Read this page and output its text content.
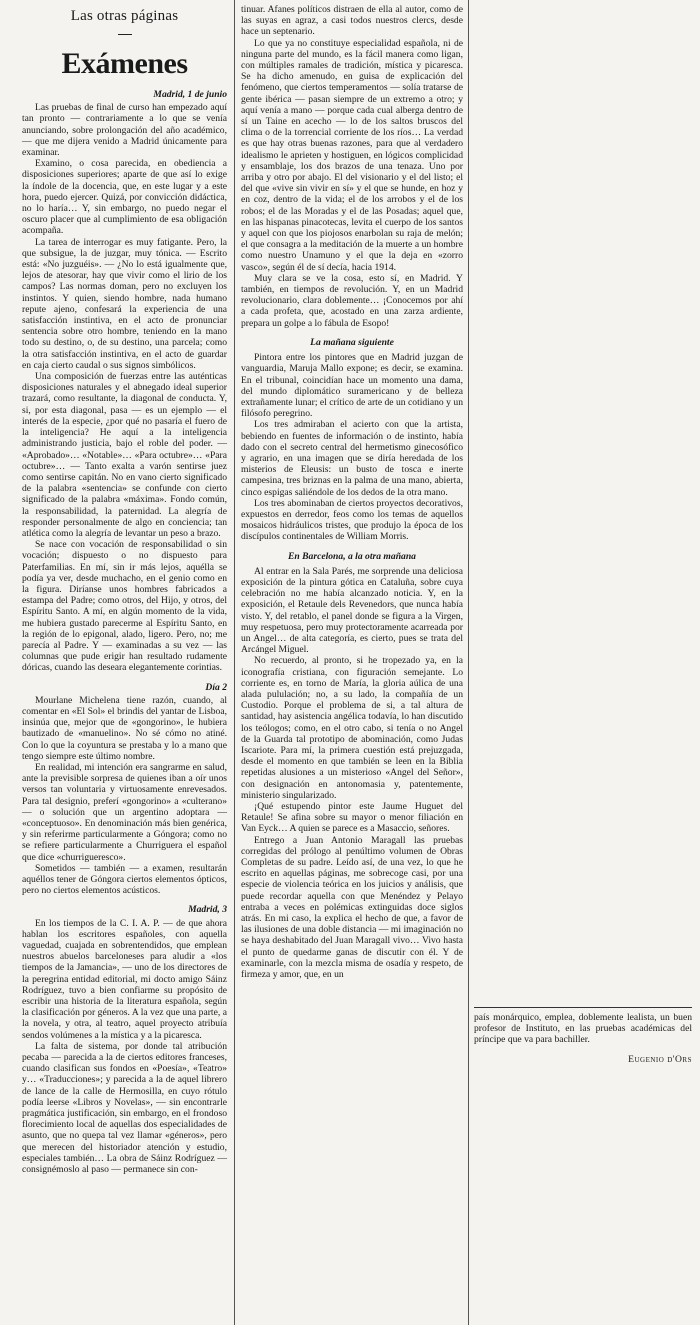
Las otras páginas
Exámenes
Madrid, 1 de junio

Las pruebas de final de curso han empezado aquí tan pronto — contrariamente a lo que se venía anunciando, sobre prolongación del año académico, — que me dijera venido a Madrid únicamente para examinar.

Examino, o cosa parecida, en obediencia a disposiciones superiores; aparte de que así lo exige la índole de la docencia, que, en este lugar y a este hora, puedo ejercer. Quizá, por convicción didáctica, no lo haría… Y, sin embargo, no puedo negar el oscuro placer que al cumplimiento de esa obligación acompaña.

La tarea de interrogar es muy fatigante. Pero, la que subsigue, la de juzgar, muy tónica. — Escrito está: «No juzguéis». — ¿No lo está igualmente que, lejos de atesorar, hay que vivir como el lirio de los campos? Las normas doman, pero no excluyen los instintos. Y quien, siendo hombre, nada humano repute ajeno, confesará la experiencia de una satisfacción instintiva, en el acto de pronunciar sentencia sobre otro hombre, teniendo en la mano todo su destino, o, de su destino, una parcela; como la otra satisfacción instintiva, en el acto de guardar en caja cierto caudal o sus signos simbólicos.

Una composición de fuerzas entre las auténticas disposiciones naturales y el abnegado ideal superior trazará, como resultante, la diagonal de conducta. Y, si, por esta diagonal, pasa — es un ejemplo — el interés de la especie, ¿por qué no pasaría el fuero de la inteligencia? He aquí a la inteligencia administrando justicia, bajo el roble del poder. — «Aprobado»… «Notable»… «Para octubre»… «Para octubre»… — Tanto exalta a varón sentirse juez como sentirse capitán. No en vano cierto significado de la palabra «sentencia» se confunde con cierto significado de la palabra «máxima». Fondo común, la responsabilidad, la paternidad. La alegría de responder personalmente de algo en conciencia; tan atlética como la alegría de levantar un peso a brazo.

Se nace con vocación de responsabilidad o sin vocación; dispuesto o no dispuesto para Paterfamilias. En mí, sin ir más lejos, aquélla se podía ya ver, desde muchacho, en el genio como en la figura. Diríanse unos hombres fabricados a estampa del Padre; como otros, del Hijo, y otros, del Espíritu Santo. A mí, en algún momento de la vida, me hubiera gustado parecerme al Espíritu Santo, en la región de lo epigonal, alado, ligero. Pero, no; me parecía al Padre. Y — examinadas a su vez — las columnas que pude erigir han resultado rudamente dóricas, cuando las deseara elegantemente corintias.

Día 2

Mourlane Michelena tiene razón, cuando, al comentar en «El Sol» el brindis del yantar de Lisboa, insinúa que, mejor que de «gongorino», le hubiera bautizado de «manuelino». No sé cómo no atiné. Con lo que la coyuntura se prestaba y lo a mano que tengo siempre este último nombre.

En realidad, mi intención era sangrarme en salud, ante la previsible sorpresa de quienes iban a oír unos versos tan voluntaria y virtuosamente enrevesados. Para tal designio, preferí «gongorino» a «culterano» — o solución que un argentino adoptara — «conceptuoso». En denominación más bien genérica, y sin referirme particularmente a Góngora; como no se refiere particularmente a Churriguera el español que dice «churrigueresco».

Sometidos — también — a examen, resultarán aquéllos tener de Góngora ciertos elementos ópticos, pero no ciertos elementos acústicos.

Madrid, 3

En los tiempos de la C. I. A. P. — de que ahora hablan los escritores españoles, con aquella vaguedad, cuajada en sobrentendidos, que emplean nuestros abuelos barceloneses para aludir a «los tiempos de la Jamancia», — uno de los directores de la peregrina entidad editorial, mi docto amigo Sáinz Rodríguez, tuvo a bien confiarme su propósito de escribir una historia de la literatura española, según la clasificación por géneros. A la vez que una parte, a la novela, y otra, al teatro, aquel proyecto atribuía sendos volúmenes a la mística y a la picaresca.

La falta de sistema, por donde tal atribución pecaba — parecida a la de ciertos editores franceses, cuando clasifican sus fondos en «Poesía», «Teatro» y… «Traducciones»; y parecida a la de aquel librero de lance de la calle de Hermosilla, en cuyo rótulo podía leerse «Libros y Novelas», — sin encontrarle pragmática justificación, sin embargo, en el frondoso florecimiento local de aquellas dos especialidades de asunto, que no quepa tal vez llamar «géneros», pero que merecen del historiador atención y estudio, especiales también… La obra de Sáinz Rodríguez — consignémoslo al paso — permanece sin con-

tinuar. Afanes políticos distraen de ella al autor, como de las suyas en agraz, a casi todos nuestros clercs, desde hace un septenario.

Lo que ya no constituye especialidad española, ni de ninguna parte del mundo, es la fácil manera como ligan, con múltiples ramales de tradición, mística y picaresca. Se ha dicho amenudo, en guisa de explicación del fenómeno, que ciertos temperamentos — solía tratarse de gente ibérica — pasan siempre de un extremo a otro; y aquí venía a mano — porque cada cual alberga dentro de sí un Taine en acecho — lo de los saltos bruscos del clima o de la torrencial corriente de los ríos… La verdad es que hay otras buenas razones, para que al verdadero idealismo le aprieten y hostiguen, en lógicos complicidad y ensamblaje, los dos brazos de una tenaza. Uno por arriba y otro por abajo. El del visionario y el del listo; el del que «vive sin vivir en sí» y el que se hunde, en hoz y en coz, dentro de la vida; el de los arrobos y el de los robos; el de las Moradas y el de las Posadas; aquel que, en las hispanas pinacotecas, levita el cuerpo de los santos y aquel con que los piojosos enarbolan su raja de melón; el que consagra a la meditación de la muerte a un hombre como nuestro Unamuno y el que la deja en «zorro vasco», según él de sí decía, hacia 1914.

Muy clara se ve la cosa, esto sí, en Madrid. Y también, en tiempos de revolución. Y, en un Madrid revolucionario, clara doblemente… ¡Conocemos por ahí a cada profeta, que, acostado en una zarza ardiente, prepara un golpe a lo fábula de Esopo!

La mañana siguiente

Pintora entre los pintores que en Madrid juzgan de vanguardia, Maruja Mallo expone; es decir, se examina. En el tribunal, coincidían hace un momento una dama, del mundo diplomático suramericano y de belleza extrañamente lunar; el crítico de arte de un cotidiano y un filósofo peregrino.

Los tres admiraban el acierto con que la artista, bebiendo en fuentes de información o de instinto, había dado con el secreto central del hermetismo ginecosófico y agrario, en una imagen que se diría heredada de los misterios de Eleusis: un busto de tosca e inerte campesina, tres briznas en la palma de una mano, abierta, cinco espigas saliéndole de los dedos de la otra mano.

Los tres abominaban de ciertos proyectos decorativos, expuestos en derredor, feos como los temas de aquellos mosaicos hidráulicos tristes, que produjo la época de los discípulos continentales de William Morris.

En Barcelona, a la otra mañana

Al entrar en la Sala Parés, me sorprende una deliciosa exposición de la pintura gótica en Cataluña, sobre cuya celebración no me había alcanzado noticia. Y, en la exposición, el Retaule dels Revenedors, que nunca había visto. Y, del retablo, el panel donde se figura a la Virgen, muy respetuosa, pero muy protectoramente acarreada por un Angel… de alta categoría, es cierto, pues se trata del Arcángel Miguel.

No recuerdo, al pronto, si he tropezado ya, en la iconografía cristiana, con figuración semejante. Lo corriente es, en torno de María, la gloria aúlica de una alada pululación; no, a su lado, la compañía de un Custodio. Porque el problema de si, a tal altura de santidad, hay asistencia angélica todavía, lo han discutido los teólogos; como, en el otro cabo, si tenía o no Angel de la Guarda tal prototipo de abominación, como Judas Iscariote. Para mí, la primera cuestión está prejuzgada, desde el momento en que también se leen en la Biblia repetidas alusiones a un misterioso «Angel del Señor», con designación en antonomasia y, patentemente, ministerio singularizado.

¡Qué estupendo pintor este Jaume Huguet del Retaule! Se afina sobre su mayor o menor filiación en Van Eyck… A quien se parece es a Masaccio, señores.

Entrego a Juan Antonio Maragall las pruebas corregidas del prólogo al penúltimo volumen de Obras Completas de su padre. Leído así, de una vez, lo que he escrito en aquellas páginas, me sobrecoge casi, por una especie de violencia teórica en los juicios y análisis, que puede recordar aquella con que Menéndez y Pelayo entraba a veces en polémicas extinguidas doce siglos atrás. En mi caso, la explica el hecho de que, a favor de las ilusiones de una doble distancia — mi imaginación no se haya deshabitado del Juan Maragall vivo… Vivo hasta el punto de quedarme ganas de discutir con él. Y de examinarle, con la mezcla misma de osadía y respeto, de firmeza y amor, que, en un

país monárquico, emplea, doblemente lealista, un buen profesor de Instituto, en las pruebas académicas del príncipe que va para bachiller.

Eugenio d'Ors
